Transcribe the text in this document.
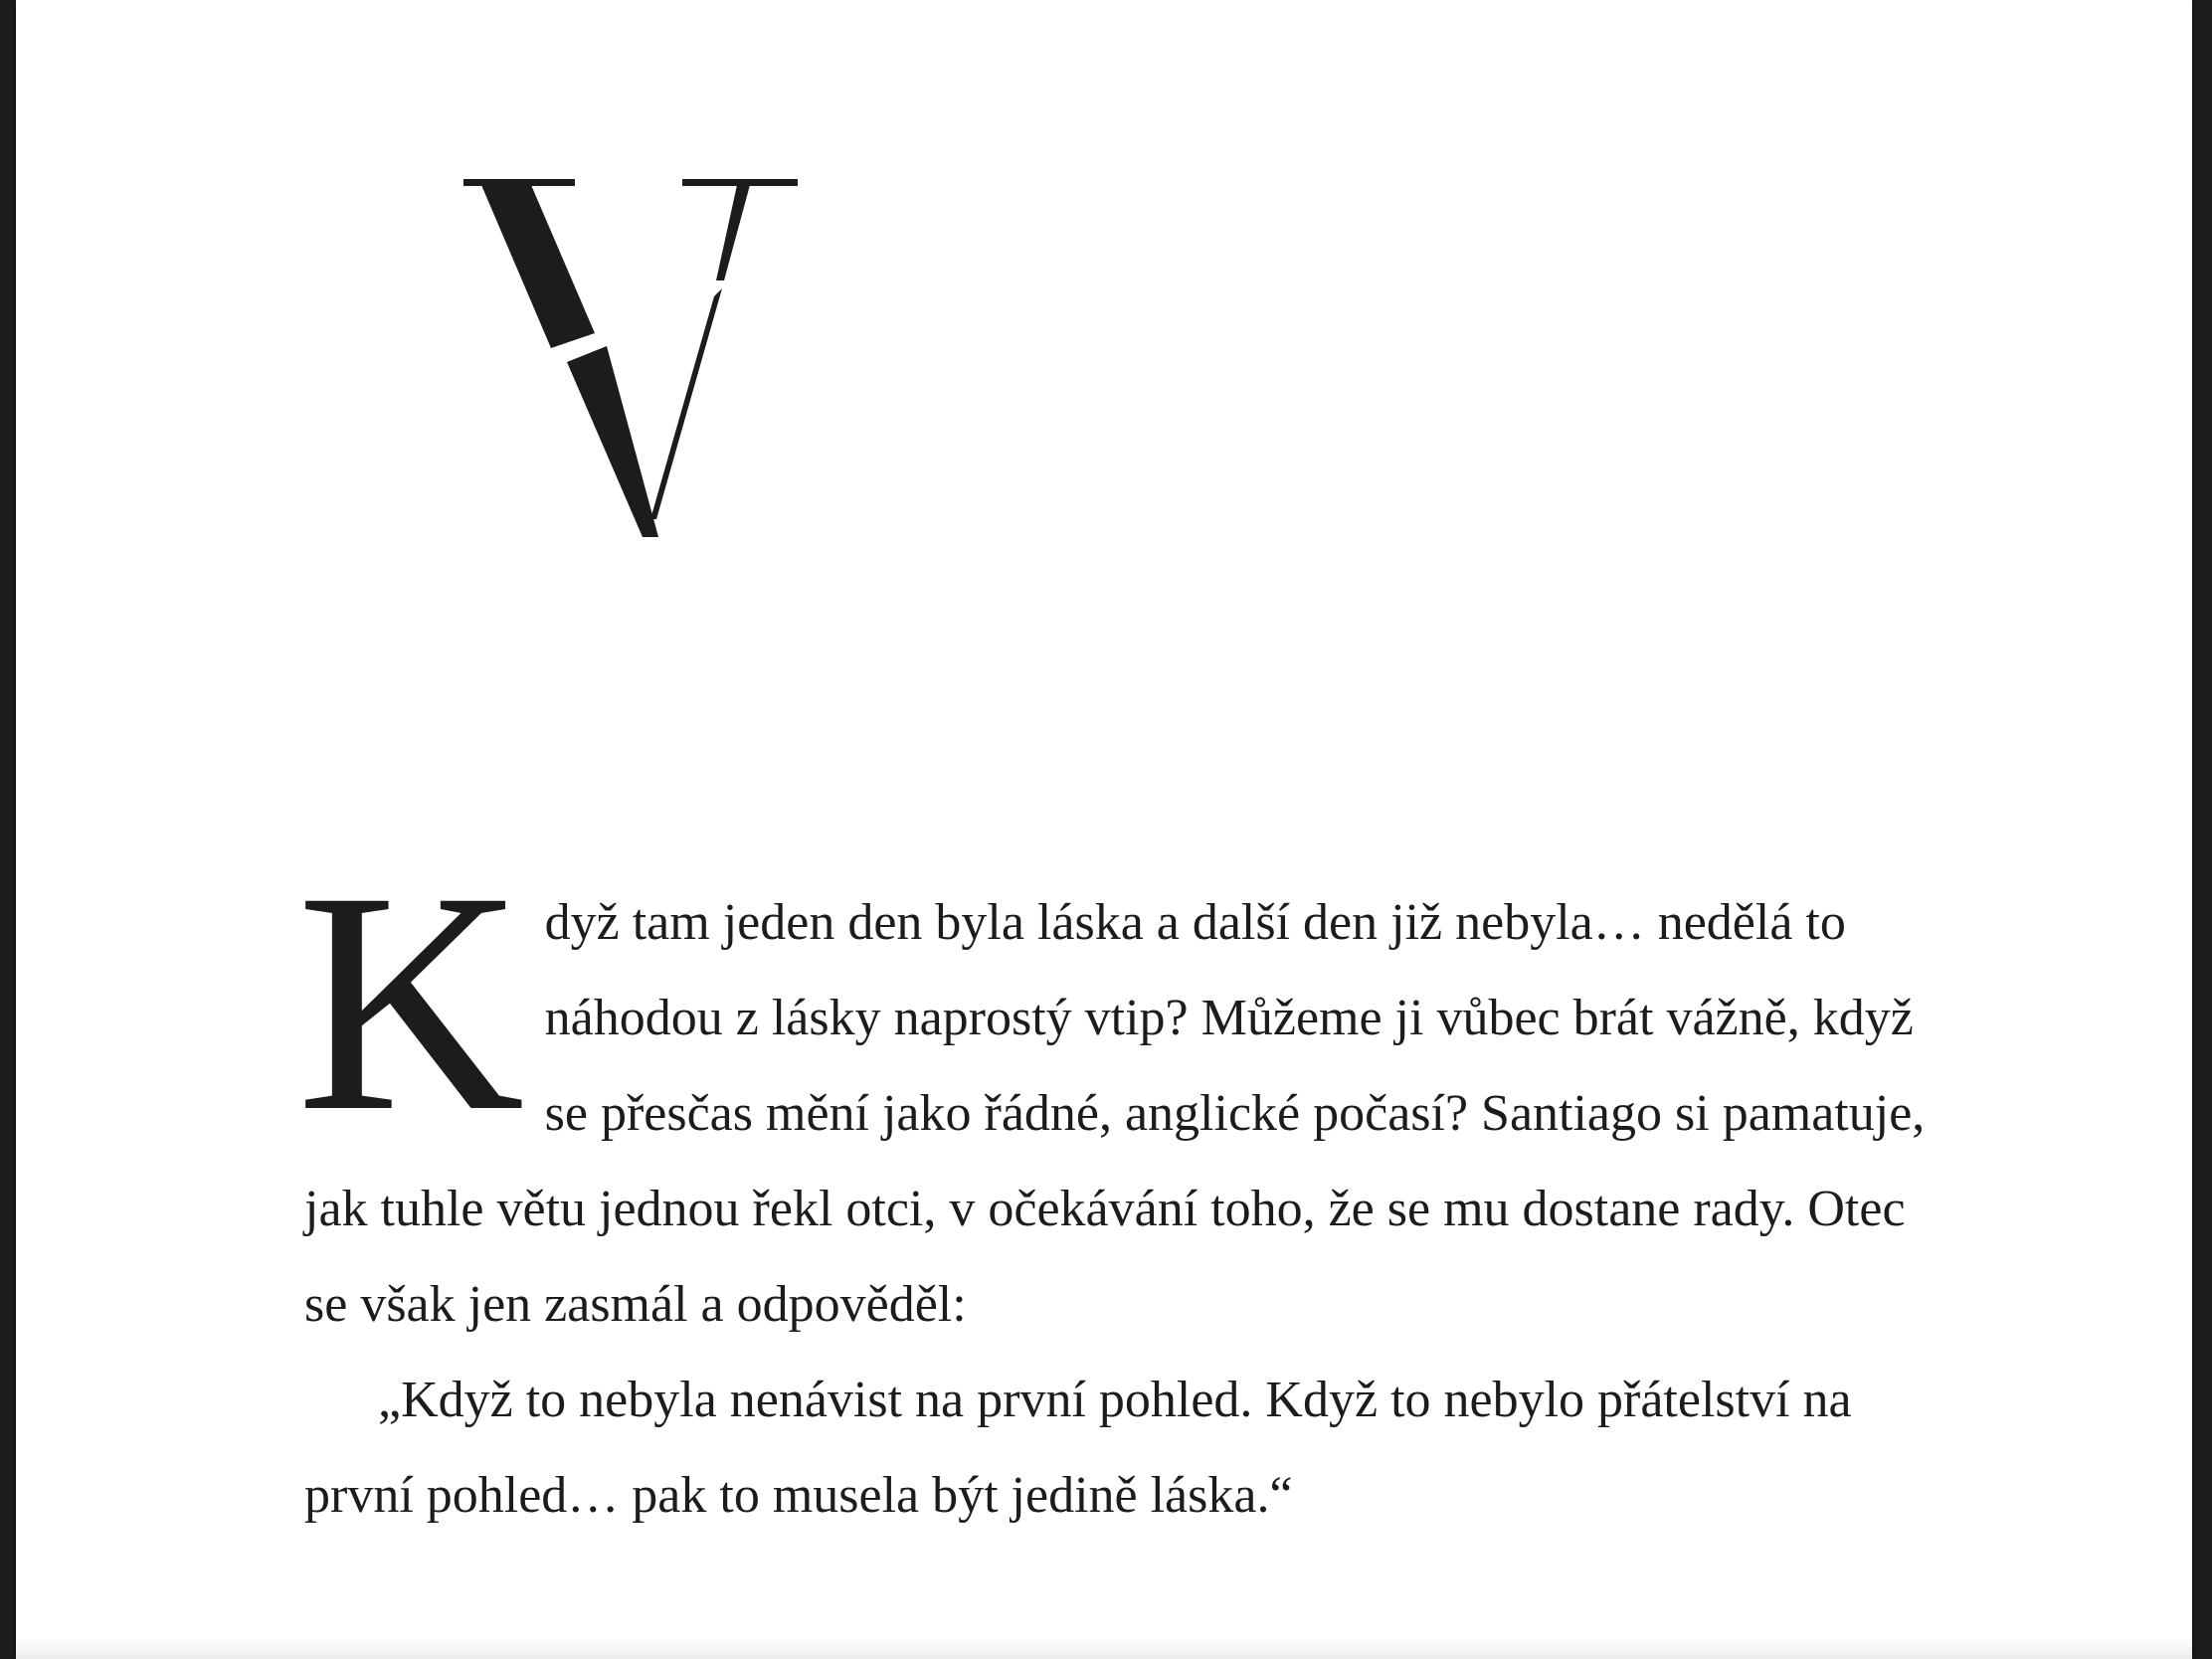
Když tam jeden den byla láska a další den již nebyla… nedělá to náhodou z lásky naprostý vtip? Můžeme ji vůbec brát vážně, když se přesčas mění jako řádné, anglické počasí? Santiago si pamatuje, jak tuhle větu jednou řekl otci, v očekávání toho, že se mu dostane rady. Otec se však jen zasmál a odpověděl:

„Když to nebyla nenávist na první pohled. Když to nebylo přátelství na první pohled… pak to musela být jedině láska.“
